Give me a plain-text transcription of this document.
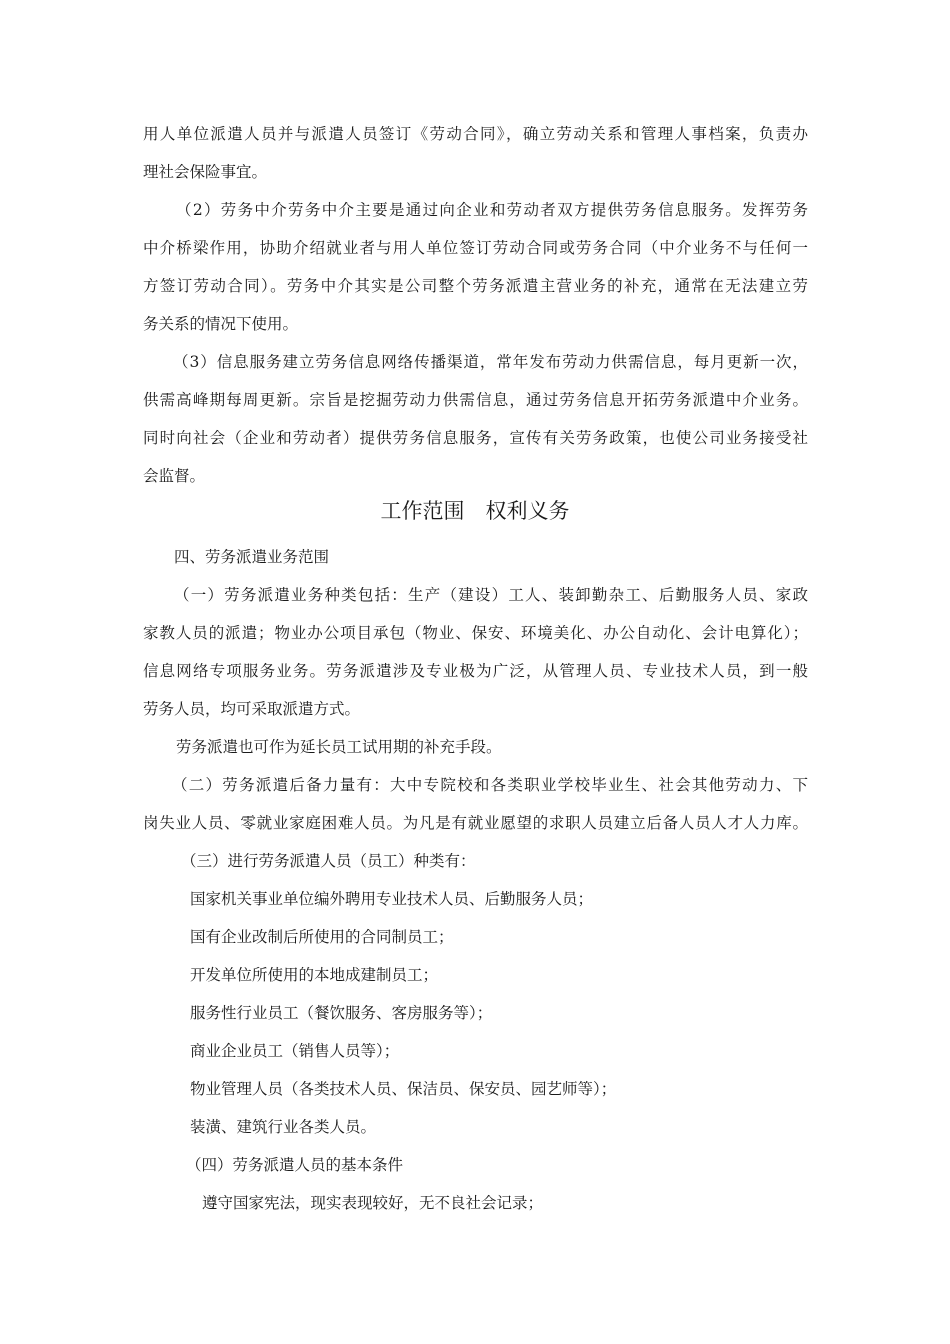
用人单位派遣人员并与派遣人员签订《劳动合同》，确立劳动关系和管理人事档案，负责办
理社会保险事宜。
（2）劳务中介劳务中介主要是通过向企业和劳动者双方提供劳务信息服务。发挥劳务
中介桥梁作用，协助介绍就业者与用人单位签订劳动合同或劳务合同（中介业务不与任何一
方签订劳动合同）。劳务中介其实是公司整个劳务派遣主营业务的补充，通常在无法建立劳
务关系的情况下使用。
（3）信息服务建立劳务信息网络传播渠道，常年发布劳动力供需信息，每月更新一次，
供需高峰期每周更新。宗旨是挖掘劳动力供需信息，通过劳务信息开拓劳务派遣中介业务。
同时向社会（企业和劳动者）提供劳务信息服务，宣传有关劳务政策，也使公司业务接受社
会监督。
工作范围　权利义务
四、劳务派遣业务范围
（一）劳务派遣业务种类包括：生产（建设）工人、装卸勤杂工、后勤服务人员、家政
家教人员的派遣；物业办公项目承包（物业、保安、环境美化、办公自动化、会计电算化）；
信息网络专项服务业务。劳务派遣涉及专业极为广泛，从管理人员、专业技术人员，到一般
劳务人员，均可采取派遣方式。
劳务派遣也可作为延长员工试用期的补充手段。
（二）劳务派遣后备力量有：大中专院校和各类职业学校毕业生、社会其他劳动力、下
岗失业人员、零就业家庭困难人员。为凡是有就业愿望的求职人员建立后备人员人才人力库。
（三）进行劳务派遣人员（员工）种类有：
国家机关事业单位编外聘用专业技术人员、后勤服务人员；
国有企业改制后所使用的合同制员工；
开发单位所使用的本地成建制员工；
服务性行业员工（餐饮服务、客房服务等）；
商业企业员工（销售人员等）；
物业管理人员（各类技术人员、保洁员、保安员、园艺师等）；
装潢、建筑行业各类人员。
（四）劳务派遣人员的基本条件
遵守国家宪法，现实表现较好，无不良社会记录；
